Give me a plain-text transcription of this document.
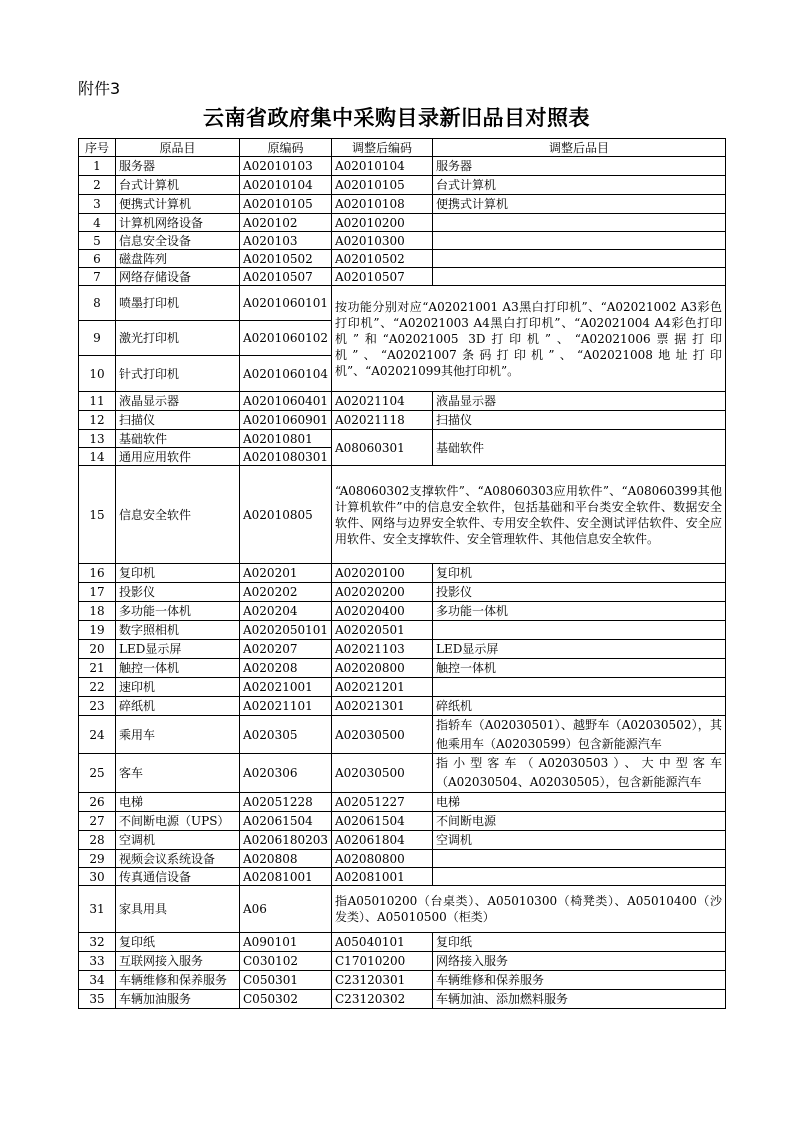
附件3
云南省政府集中采购目录新旧品目对照表
序号	原品目	原编码	调整后编码	调整后品目
1	服务器	A02010103	A02010104	服务器
2	台式计算机	A02010104	A02010105	台式计算机
3	便携式计算机	A02010105	A02010108	便携式计算机
4	计算机网络设备	A020102	A02010200	
5	信息安全设备	A020103	A02010300	
6	磁盘阵列	A02010502	A02010502	
7	网络存储设备	A02010507	A02010507	
8	喷墨打印机	A0201060101	按功能分别对应“A02021001 A3黑白打印机”、“A02021002 A3彩色打印机”、“A02021003 A4黑白打印机”、“A02021004 A4彩色打印机”和“A02021005 3D打印机”、“A02021006票据打印机”、“A02021007条码打印机”、“A02021008地址打印机”、“A02021099其他打印机”。	
9	激光打印机	A0201060102		
10	针式打印机	A0201060104		
11	液晶显示器	A0201060401	A02021104	液晶显示器
12	扫描仪	A0201060901	A02021118	扫描仪
13	基础软件	A02010801	A08060301	基础软件
14	通用应用软件	A0201080301		
15	信息安全软件	A02010805	“A08060302支撑软件”、“A08060303应用软件”、“A08060399其他计算机软件”中的信息安全软件，包括基础和平台类安全软件、数据安全软件、网络与边界安全软件、专用安全软件、安全测试评估软件、安全应用软件、安全支撑软件、安全管理软件、其他信息安全软件。	
16	复印机	A020201	A02020100	复印机
17	投影仪	A020202	A02020200	投影仪
18	多功能一体机	A020204	A02020400	多功能一体机
19	数字照相机	A0202050101	A02020501	
20	LED显示屏	A020207	A02021103	LED显示屏
21	触控一体机	A020208	A02020800	触控一体机
22	速印机	A02021001	A02021201	
23	碎纸机	A02021101	A02021301	碎纸机
24	乘用车	A020305	A02030500	指轿车（A02030501）、越野车（A02030502），其他乘用车（A02030599）包含新能源汽车

25	客车	A020306	A02030500	指小型客车（A02030503）、大中型客车（A02030504、A02030505），包含新能源汽车

26	电梯	A02051228	A02051227	电梯
27	不间断电源（UPS）	A02061504	A02061504	不间断电源
28	空调机	A0206180203	A02061804	空调机
29	视频会议系统设备	A020808	A02080800	
30	传真通信设备	A02081001	A02081001	
31	家具用具	A06	指A05010200（台桌类）、A05010300（椅凳类）、A05010400（沙发类）、A05010500（柜类）	
32	复印纸	A090101	A05040101	复印纸
33	互联网接入服务	C030102	C17010200	网络接入服务
34	车辆维修和保养服务	C050301	C23120301	车辆维修和保养服务
35	车辆加油服务	C050302	C23120302	车辆加油、添加燃料服务
